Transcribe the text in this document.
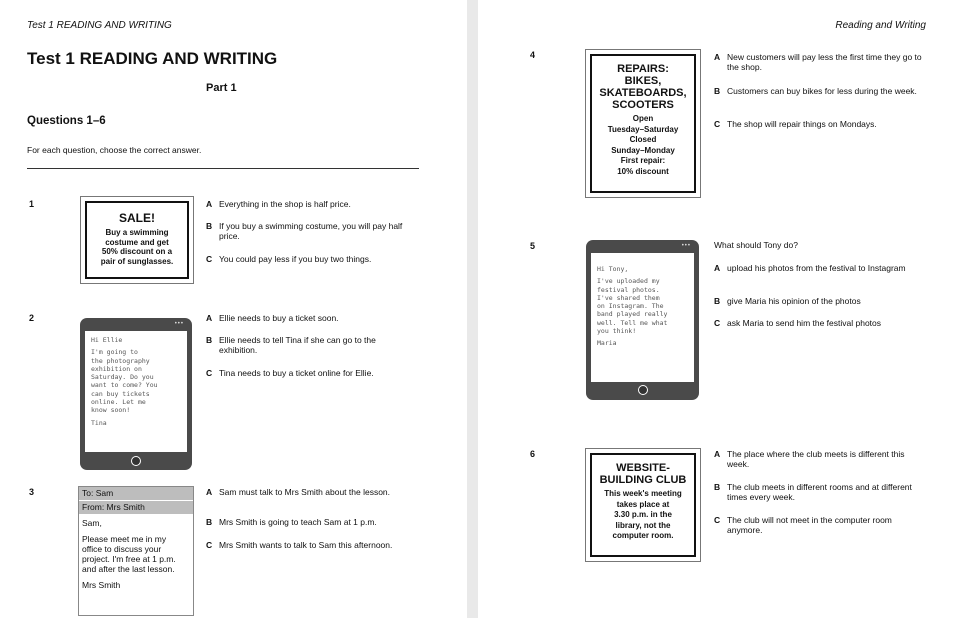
Test 1 READING AND WRITING
Test 1 READING AND WRITING
Part 1
Questions 1–6
For each question, choose the correct answer.
1
SALE!
Buy a swimming
costume and get
50% discount on a
pair of sunglasses.
A Everything in the shop is half price.
B If you buy a swimming costume, you will pay half price.
C You could pay less if you buy two things.
2
•••
Hi Ellie
I'm going to
the photography
exhibition on
Saturday. Do you
want to come? You
can buy tickets
online. Let me
know soon!
Tina
A Ellie needs to buy a ticket soon.
B Ellie needs to tell Tina if she can go to the exhibition.
C Tina needs to buy a ticket online for Ellie.
3	To: Sam
From: Mrs Smith
Sam,
Please meet me in my
office to discuss your
project. I'm free at 1 p.m.
and after the last lesson.
Mrs Smith
A Sam must talk to Mrs Smith about the lesson.
B Mrs Smith is going to teach Sam at 1 p.m.
C Mrs Smith wants to talk to Sam this afternoon.
Reading and Writing
4
REPAIRS:
BIKES,
SKATEBOARDS,
SCOOTERS
Open
Tuesday–Saturday
Closed
Sunday–Monday
First repair:
10% discount
A New customers will pay less the first time they go to the shop.
B Customers can buy bikes for less during the week.
C The shop will repair things on Mondays.
5	•••
Hi Tony,
I've uploaded my
festival photos.
I've shared them
on Instagram. The
band played really
well. Tell me what
you think!
Maria
What should Tony do?
A upload his photos from the festival to Instagram
B give Maria his opinion of the photos
C ask Maria to send him the festival photos
6
WEBSITE-
BUILDING CLUB
This week's meeting
takes place at
3.30 p.m. in the
library, not the
computer room.
A The place where the club meets is different this week.
B The club meets in different rooms and at different times every week.
C The club will not meet in the computer room anymore.
